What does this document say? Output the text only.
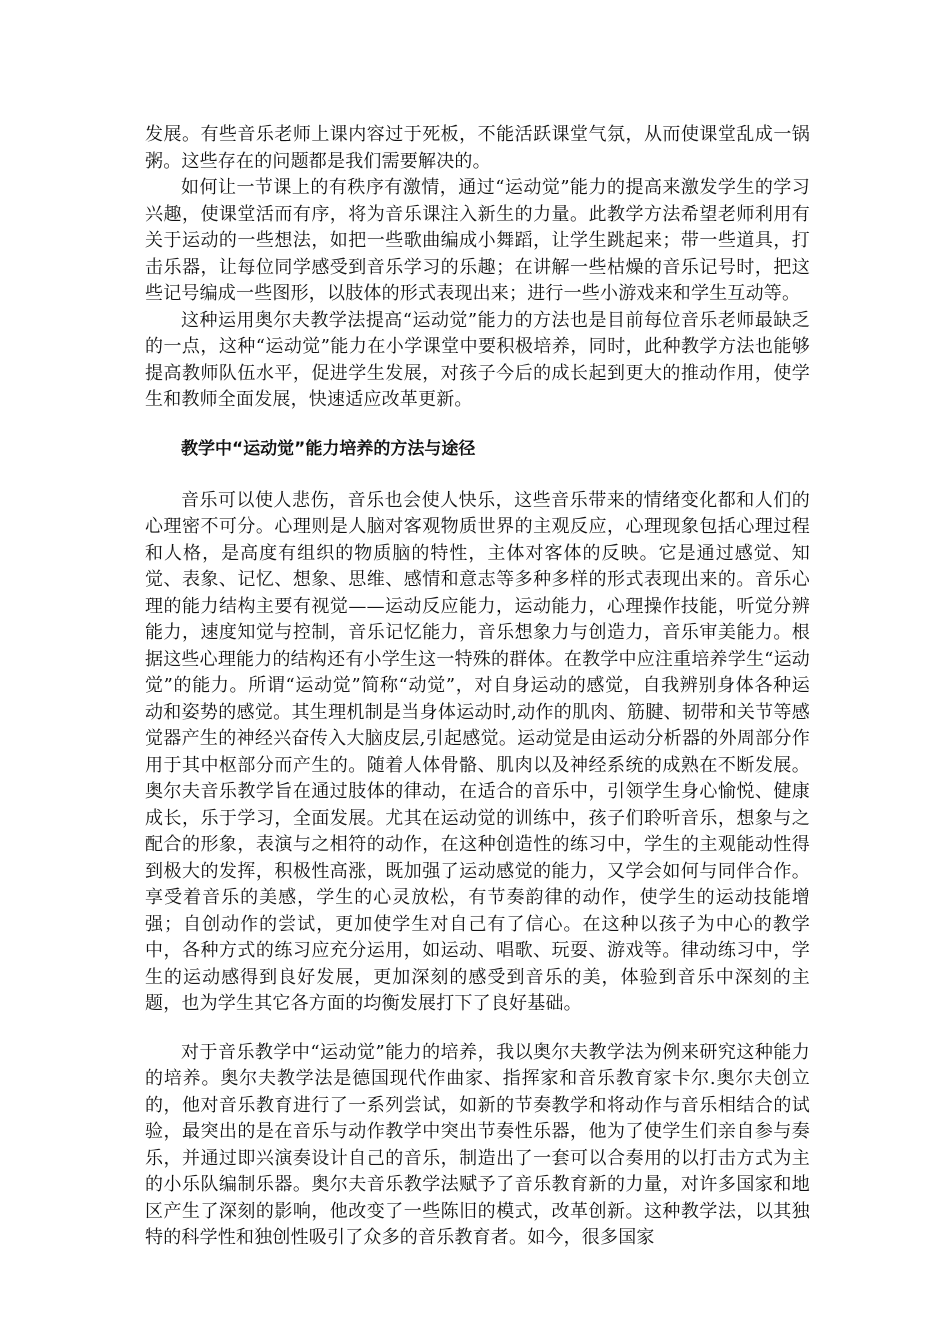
发展。有些音乐老师上课内容过于死板，不能活跃课堂气氛，从而使课堂乱成一锅粥。这些存在的问题都是我们需要解决的。

如何让一节课上的有秩序有激情，通过“运动觉”能力的提高来激发学生的学习兴趣，使课堂活而有序，将为音乐课注入新生的力量。此教学方法希望老师利用有关于运动的一些想法，如把一些歌曲编成小舞蹈，让学生跳起来；带一些道具，打击乐器，让每位同学感受到音乐学习的乐趣；在讲解一些枯燥的音乐记号时，把这些记号编成一些图形，以肢体的形式表现出来；进行一些小游戏来和学生互动等。

这种运用奥尔夫教学法提高“运动觉”能力的方法也是目前每位音乐老师最缺乏的一点，这种“运动觉”能力在小学课堂中要积极培养，同时，此种教学方法也能够提高教师队伍水平，促进学生发展，对孩子今后的成长起到更大的推动作用，使学生和教师全面发展，快速适应改革更新。

教学中“运动觉”能力培养的方法与途径

音乐可以使人悲伤，音乐也会使人快乐，这些音乐带来的情绪变化都和人们的心理密不可分。心理则是人脑对客观物质世界的主观反应，心理现象包括心理过程和人格，是高度有组织的物质脑的特性，主体对客体的反映。它是通过感觉、知觉、表象、记忆、想象、思维、感情和意志等多种多样的形式表现出来的。音乐心理的能力结构主要有视觉——运动反应能力，运动能力，心理操作技能，听觉分辨能力，速度知觉与控制，音乐记忆能力，音乐想象力与创造力，音乐审美能力。根据这些心理能力的结构还有小学生这一特殊的群体。在教学中应注重培养学生“运动觉”的能力。所谓“运动觉”简称“动觉”，对自身运动的感觉，自我辨别身体各种运动和姿势的感觉。其生理机制是当身体运动时,动作的肌肉、筋腱、韧带和关节等感觉器产生的神经兴奋传入大脑皮层,引起感觉。运动觉是由运动分析器的外周部分作用于其中枢部分而产生的。随着人体骨骼、肌肉以及神经系统的成熟在不断发展。奥尔夫音乐教学旨在通过肢体的律动，在适合的音乐中，引领学生身心愉悦、健康成长，乐于学习，全面发展。尤其在运动觉的训练中，孩子们聆听音乐，想象与之配合的形象，表演与之相符的动作，在这种创造性的练习中，学生的主观能动性得到极大的发挥，积极性高涨，既加强了运动感觉的能力，又学会如何与同伴合作。享受着音乐的美感，学生的心灵放松，有节奏韵律的动作，使学生的运动技能增强；自创动作的尝试，更加使学生对自己有了信心。在这种以孩子为中心的教学中，各种方式的练习应充分运用，如运动、唱歌、玩耍、游戏等。律动练习中，学生的运动感得到良好发展，更加深刻的感受到音乐的美，体验到音乐中深刻的主题，也为学生其它各方面的均衡发展打下了良好基础。

对于音乐教学中“运动觉”能力的培养，我以奥尔夫教学法为例来研究这种能力的培养。奥尔夫教学法是德国现代作曲家、指挥家和音乐教育家卡尔.奥尔夫创立的，他对音乐教育进行了一系列尝试，如新的节奏教学和将动作与音乐相结合的试验，最突出的是在音乐与动作教学中突出节奏性乐器，他为了使学生们亲自参与奏乐，并通过即兴演奏设计自己的音乐，制造出了一套可以合奏用的以打击方式为主的小乐队编制乐器。奥尔夫音乐教学法赋予了音乐教育新的力量，对许多国家和地区产生了深刻的影响，他改变了一些陈旧的模式，改革创新。这种教学法，以其独特的科学性和独创性吸引了众多的音乐教育者。如今，很多国家
